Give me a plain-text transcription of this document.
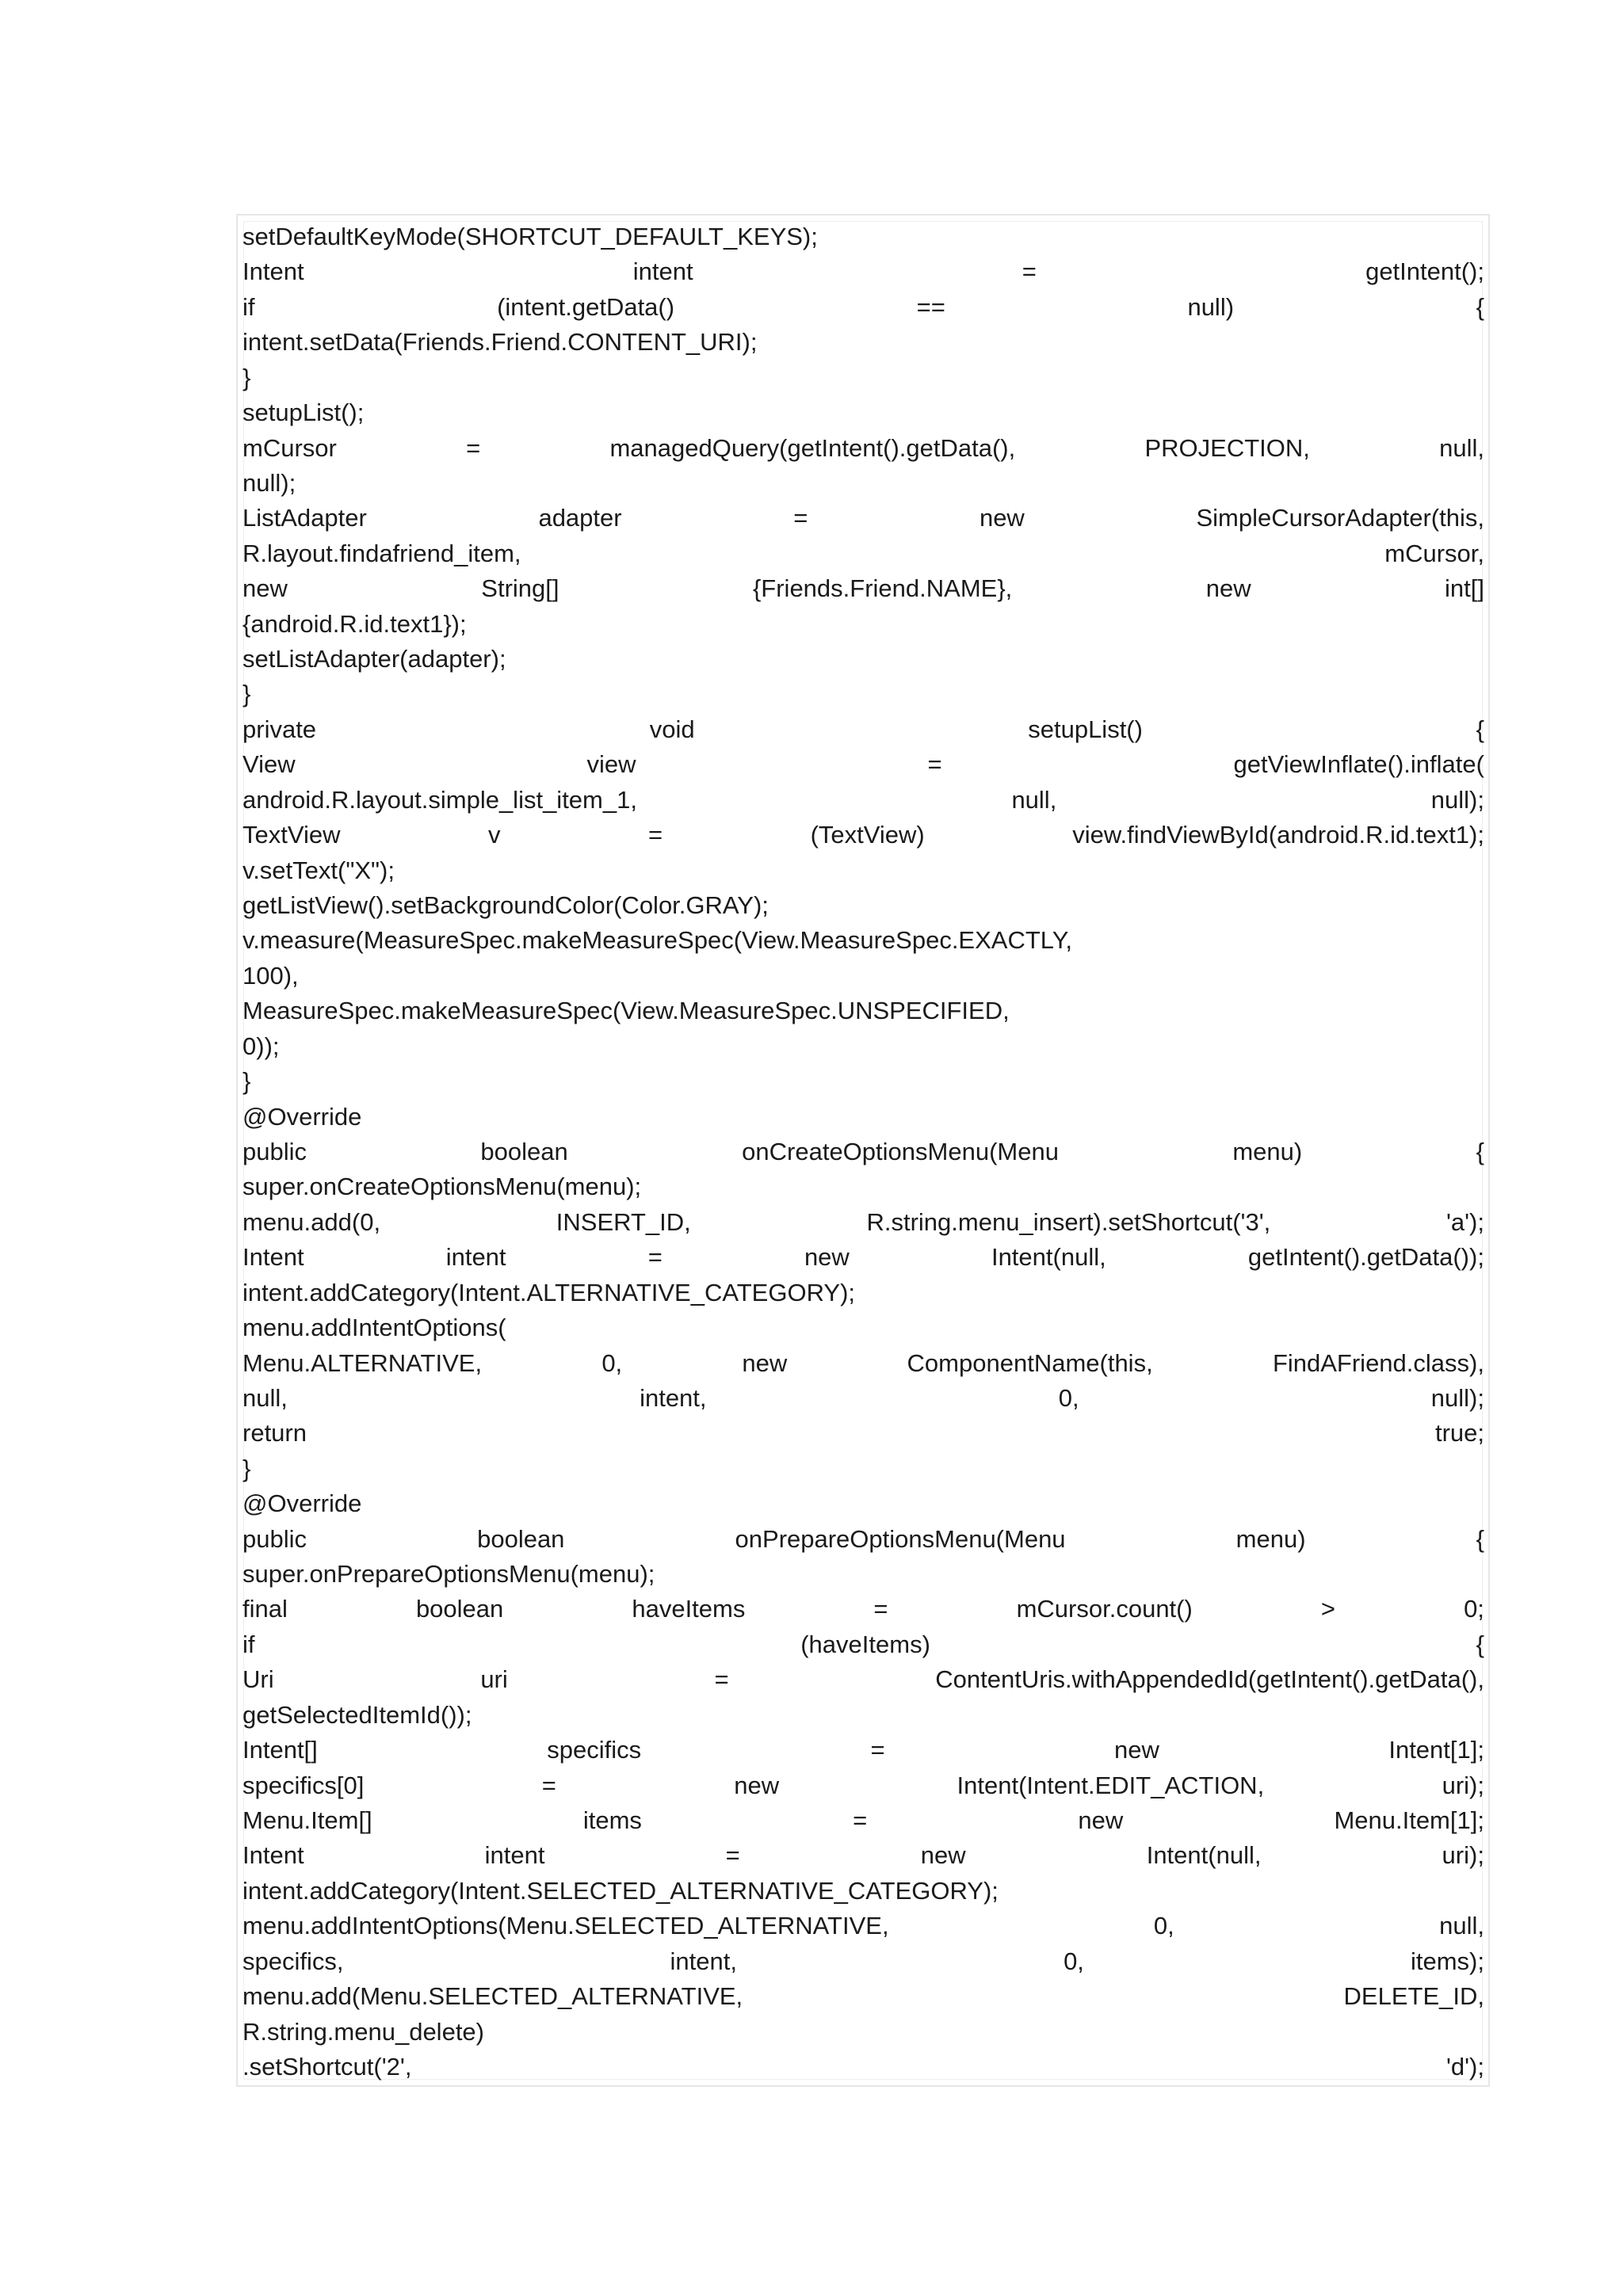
setDefaultKeyMode(SHORTCUT_DEFAULT_KEYS);
Intent	intent	=	getIntent();
if	(intent.getData()	==	null)	{
intent.setData(Friends.Friend.CONTENT_URI);
}
setupList();
mCursor	=	managedQuery(getIntent().getData(),	PROJECTION,	null,
null);
ListAdapter	adapter	=	new	SimpleCursorAdapter(this,
R.layout.findafriend_item,	mCursor,
new	String[]	{Friends.Friend.NAME},	new	int[]
{android.R.id.text1});
setListAdapter(adapter);
}
private	void	setupList()	{
View	view	=	getViewInflate().inflate(
android.R.layout.simple_list_item_1,	null,	null);
TextView	v	=	(TextView)	view.findViewById(android.R.id.text1);
v.setText("X");
getListView().setBackgroundColor(Color.GRAY);
v.measure(MeasureSpec.makeMeasureSpec(View.MeasureSpec.EXACTLY,
100),
MeasureSpec.makeMeasureSpec(View.MeasureSpec.UNSPECIFIED,
0));
}
@Override
public	boolean	onCreateOptionsMenu(Menu	menu)	{
super.onCreateOptionsMenu(menu);
menu.add(0,	INSERT_ID,	R.string.menu_insert).setShortcut('3',	'a');
Intent	intent	=	new	Intent(null,	getIntent().getData());
intent.addCategory(Intent.ALTERNATIVE_CATEGORY);
menu.addIntentOptions(
Menu.ALTERNATIVE,	0,	new	ComponentName(this,	FindAFriend.class),
null,	intent,	0,	null);
return	true;
}
@Override
public	boolean	onPrepareOptionsMenu(Menu	menu)	{
super.onPrepareOptionsMenu(menu);
final	boolean	haveItems	=	mCursor.count()	>	0;
if	(haveItems)	{
Uri	uri	=	ContentUris.withAppendedId(getIntent().getData(),
getSelectedItemId());
Intent[]	specifics	=	new	Intent[1];
specifics[0]	=	new	Intent(Intent.EDIT_ACTION,	uri);
Menu.Item[]	items	=	new	Menu.Item[1];
Intent	intent	=	new	Intent(null,	uri);
intent.addCategory(Intent.SELECTED_ALTERNATIVE_CATEGORY);
menu.addIntentOptions(Menu.SELECTED_ALTERNATIVE,	0,	null,
specifics,	intent,	0,	items);
menu.add(Menu.SELECTED_ALTERNATIVE,	DELETE_ID,
R.string.menu_delete)
.setShortcut('2',	'd');
